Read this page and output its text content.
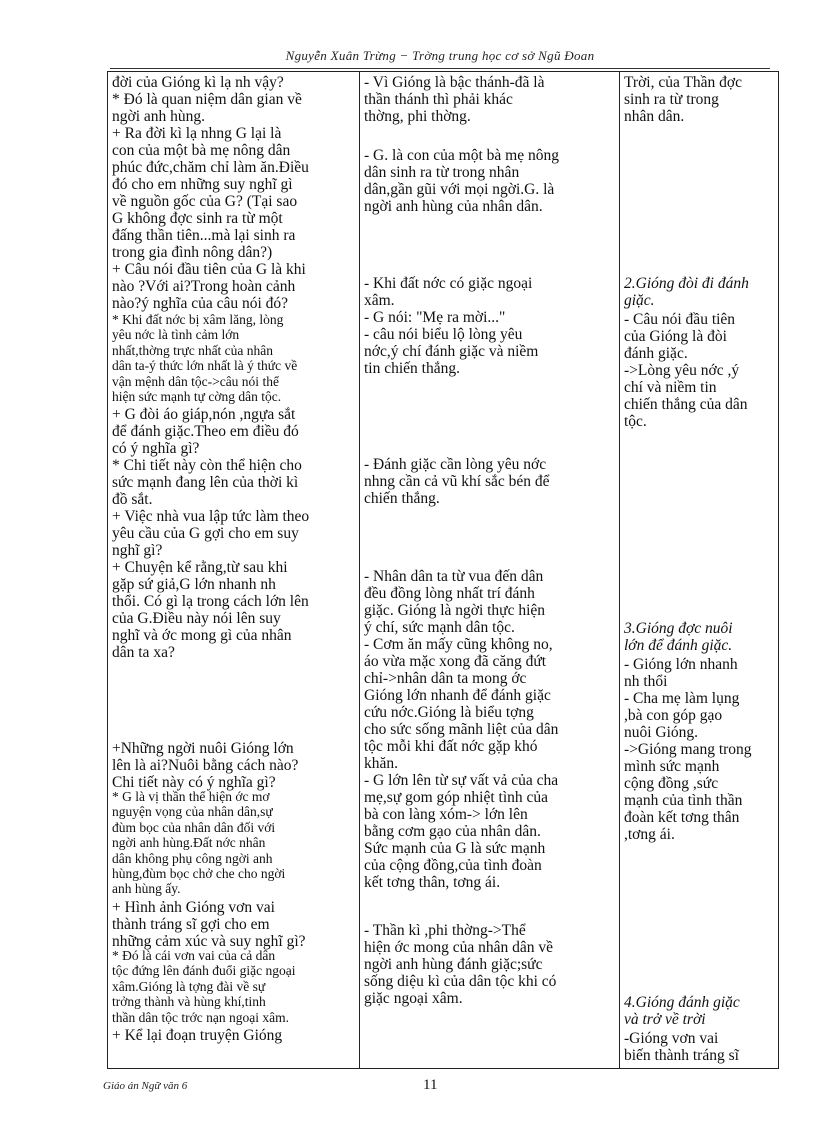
Nguyễn Xuân Trừng − Trờng trung học cơ sở Ngũ Đoan
đời của Gióng kì lạ nh vậy?
* Đó là quan niệm dân gian về
ngời anh hùng.
+ Ra đời kì lạ nhng G lại là
con của một bà mẹ nông dân
phúc đức,chăm chỉ làm ăn.Điều
đó cho em những suy nghĩ gì
về nguồn gốc của G? (Tại sao
G không đợc sinh ra từ một
đấng thần tiên...mà lại sinh ra
trong gia đình nông dân?)
+ Câu nói đầu tiên của G là khi
nào ?Với ai?Trong hoàn cảnh
nào?ý nghĩa của câu nói đó?
* Khi đất nớc bị xâm lăng, lòng
yêu nớc là tình cảm lớn
nhất,thờng trực nhất của nhân
dân ta-ý thức lớn nhất là ý thức về
vận mệnh dân tộc->câu nói thể
hiện sức mạnh tự cờng dân tộc.
+ G đòi áo giáp,nón ,ngựa sắt
để đánh giặc.Theo em điều đó
có ý nghĩa gì?
* Chi tiết này còn thể hiện cho
sức mạnh đang lên của thời kì
đồ sắt.
+ Việc nhà vua lập tức làm theo
yêu cầu của G gợi cho em suy
nghĩ gì?
+ Chuyện kể rằng,từ sau khi
gặp sứ giả,G lớn nhanh nh
thổi. Có gì lạ trong cách lớn lên
của G.Điều này nói lên suy
nghĩ và ớc mong gì của nhân
dân ta xa?
+Những ngời nuôi Gióng lớn
lên là ai?Nuôi bằng cách nào?
Chi tiết này có ý nghĩa gì?
* G là vị thần thể hiện ớc mơ
nguyện vọng của nhân dân,sự
đùm bọc của nhân dân đối với
ngời anh hùng.Đất nớc nhân
dân không phụ công ngời anh
hùng,đùm bọc chở che cho ngời
anh hùng ấy.
+ Hình ảnh Gióng vơn vai
thành tráng sĩ gợi cho em
những cảm xúc và suy nghĩ gì?
* Đó là cái vơn vai của cả dân
tộc đứng lên đánh đuổi giặc ngoại
xâm.Gióng là tợng đài về sự
trởng thành và hùng khí,tinh
thần dân tộc trớc nạn ngoại xâm.
+ Kể lại đoạn truyện Gióng
- Vì Gióng là bậc thánh-đã là
thần thánh thì phải khác
thờng, phi thờng.
- G. là con của một bà mẹ nông
dân sinh ra từ trong nhân
dân,gần gũi với mọi ngời.G. là
ngời anh hùng của nhân dân.
- Khi đất nớc có giặc ngoại
xâm.
- G nói: "Mẹ ra mời..."
- câu nói biểu lộ lòng yêu
nớc,ý chí đánh giặc và niềm
tin chiến thắng.
- Đánh giặc cần lòng yêu nớc
nhng cần cả vũ khí sắc bén để
chiến thắng.
- Nhân dân ta từ vua đến dân
đều đồng lòng nhất trí đánh
giặc. Gióng là ngời thực hiện
ý chí, sức mạnh dân tộc.
- Cơm ăn mấy cũng không no,
áo vừa mặc xong đã căng đứt
chỉ->nhân dân ta mong ớc
Gióng lớn nhanh để đánh giặc
cứu nớc.Gióng là biểu tợng
cho sức sống mãnh liệt của dân
tộc mỗi khi đất nớc gặp khó
khăn.
- G lớn lên từ sự vất vả của cha
mẹ,sự gom góp nhiệt tình của
bà con làng xóm-> lớn lên
bằng cơm gạo của nhân dân.
Sức mạnh của G là sức mạnh
của cộng đồng,của tình đoàn
kết tơng thân, tơng ái.
- Thần kì ,phi thờng->Thể
hiện ớc mong của nhân dân về
ngời anh hùng đánh giặc;sức
sống diệu kì của dân tộc khi có
giặc ngoại xâm.
Trời, của Thần đợc
sinh ra từ trong
nhân dân.
2.Gióng đòi đi đánh
giặc.
- Câu nói đầu tiên
của Gióng là đòi
đánh giặc.
->Lòng yêu nớc ,ý
chí và niềm tin
chiến thắng của dân
tộc.
3.Gióng đợc nuôi
lớn để đánh giặc.
- Gióng lớn nhanh
nh thổi
- Cha mẹ làm lụng
,bà con góp gạo
nuôi Gióng.
->Gióng mang trong
mình sức mạnh
cộng đồng ,sức
mạnh của tình thần
đoàn kết tơng thân
,tơng ái.
4.Gióng đánh giặc
và trở về trời
-Gióng vơn vai
biến thành tráng sĩ
Giáo án Ngữ văn 6	11
